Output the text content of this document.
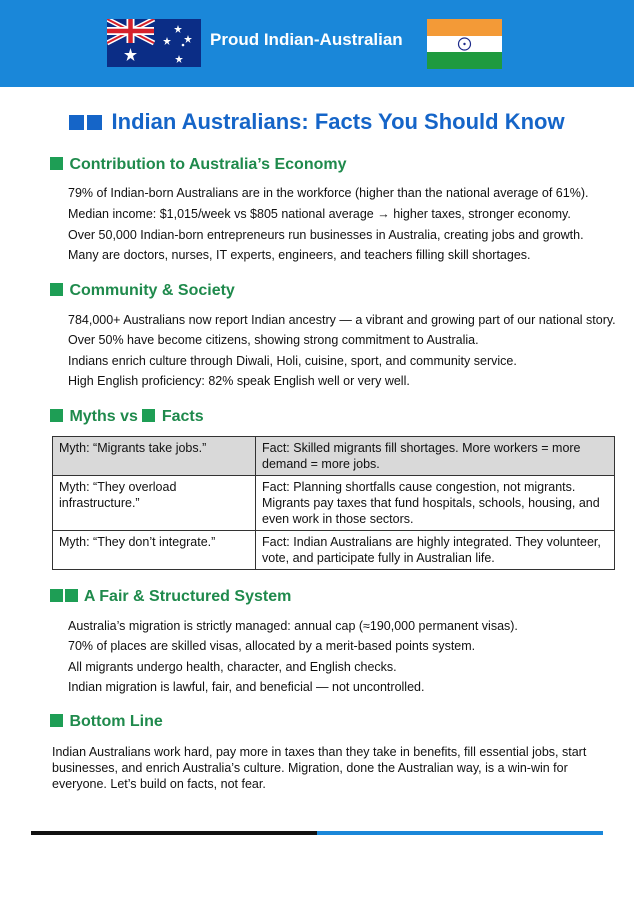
Proud Indian-Australian
Indian Australians: Facts You Should Know
Contribution to Australia’s Economy
79% of Indian-born Australians are in the workforce (higher than the national average of 61%).
Median income: $1,015/week vs $805 national average → higher taxes, stronger economy.
Over 50,000 Indian-born entrepreneurs run businesses in Australia, creating jobs and growth.
Many are doctors, nurses, IT experts, engineers, and teachers filling skill shortages.
Community & Society
784,000+ Australians now report Indian ancestry — a vibrant and growing part of our national story.
Over 50% have become citizens, showing strong commitment to Australia.
Indians enrich culture through Diwali, Holi, cuisine, sport, and community service.
High English proficiency: 82% speak English well or very well.
Myths vs Facts
Myth: “Migrants take jobs.”	Fact: Skilled migrants fill shortages. More workers = more demand = more jobs.
Myth: “They overload infrastructure.”	Fact: Planning shortfalls cause congestion, not migrants. Migrants pay taxes that fund hospitals, schools, housing, and even work in those sectors.
Myth: “They don’t integrate.”	Fact: Indian Australians are highly integrated. They volunteer, vote, and participate fully in Australian life.
A Fair & Structured System
Australia’s migration is strictly managed: annual cap (≈190,000 permanent visas).
70% of places are skilled visas, allocated by a merit-based points system.
All migrants undergo health, character, and English checks.
Indian migration is lawful, fair, and beneficial — not uncontrolled.
Bottom Line
Indian Australians work hard, pay more in taxes than they take in benefits, fill essential jobs, start businesses, and enrich Australia’s culture. Migration, done the Australian way, is a win-win for everyone. Let’s build on facts, not fear.
